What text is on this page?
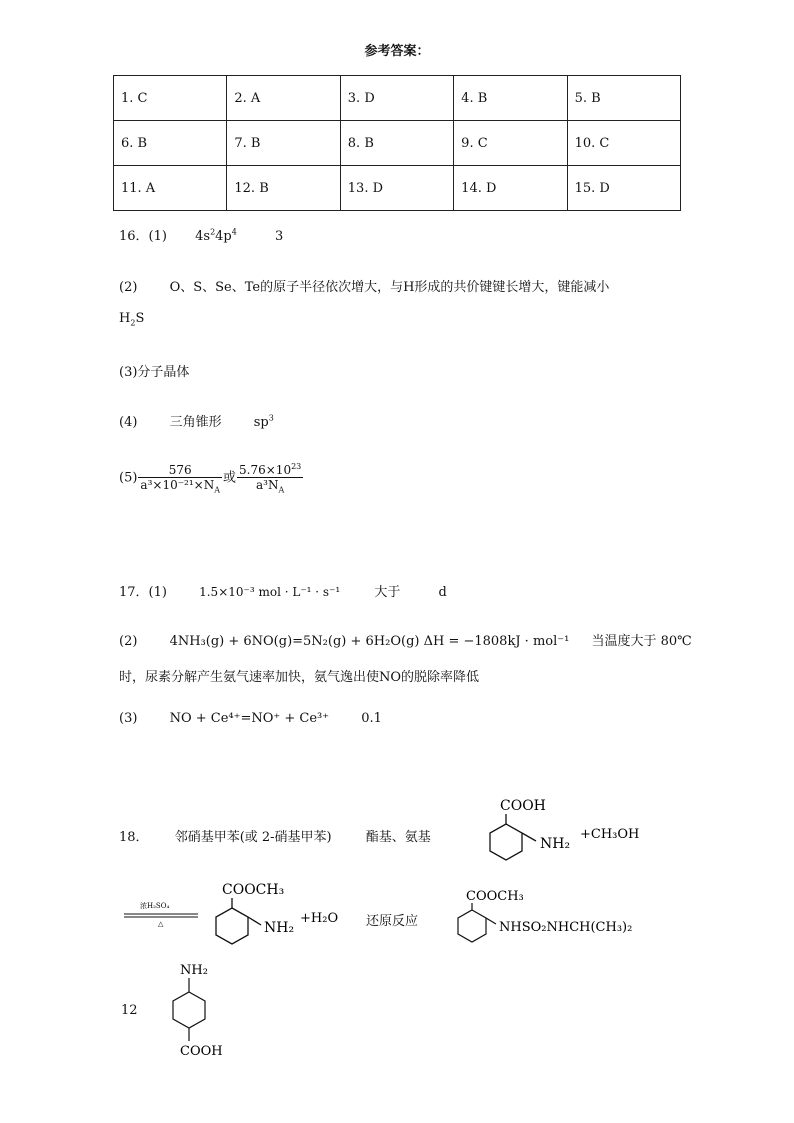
参考答案：
1. C	2. A	3. D	4. B	5. B
6. B	7. B	8. B	9. C	10. C
11. A	12. B	13. D	14. D	15. D
16．(1) $4s^24p^4$	3
(2) O、S、Se、Te的原子半径依次增大，与H形成的共价键键长增大，键能减小
$H_2S$
(3)分子晶体
(4) 三角锥形 $sp^3$
$(5) \frac{576}{a^3\times 10^{-21}\times N_A}$ 或 $\frac{5.76\times 10^{23}}{a^3N_A}$
17．(1)	1.5×10⁻³ mol · L⁻¹ · s⁻¹	大于	d
(2) 4NH₃(g) + 6NO(g)=5N₂(g) + 6H₂O(g) ΔH = −1808kJ · mol⁻¹ 当温度大于 80℃
时，尿素分解产生氨气速率加快，氨气逸出使NO的脱除率降低
(3) NO + Ce⁴⁺=NO⁺ + Ce³⁺ 0.1
18． 邻硝基甲苯(或 2-硝基甲苯)	酯基、氨基
COOH
NH₂
+CH₃OH
浓H₂SO₄
△
COOCH₃
NH₂
+H₂O 还原反应
COOCH₃
NHSO₂NHCH(CH₃)₂
12
NH₂
COOH
